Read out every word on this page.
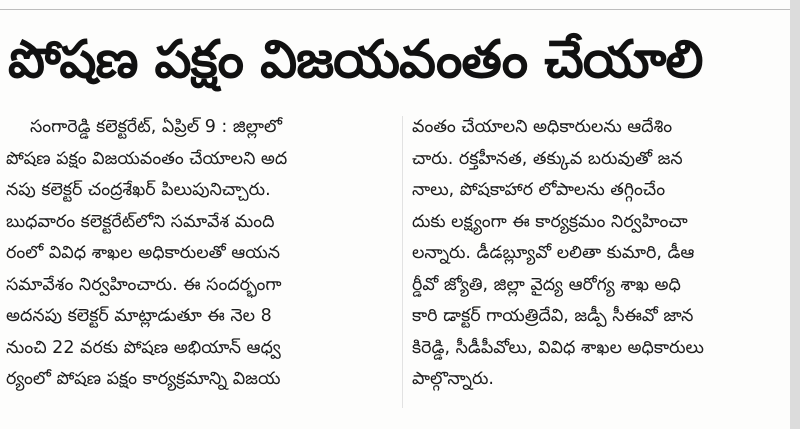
పోషణ పక్షం విజయవంతం చేయాలి
సంగారెడ్డి కలెక్టరేట్, ఏప్రిల్ 9 : జిల్లాలో
పోషణ పక్షం విజయవంతం చేయాలని అద
నపు కలెక్టర్ చంద్రశేఖర్ పిలుపునిచ్చారు.
బుధవారం కలెక్టరేట్‌లోని సమావేశ మంది
రంలో వివిధ శాఖల అధికారులతో ఆయన
సమావేశం నిర్వహించారు. ఈ సందర్భంగా
అదనపు కలెక్టర్ మాట్లాడుతూ ఈ నెల 8
నుంచి 22 వరకు పోషణ అభియాన్ ఆధ్వ
ర్యంలో పోషణ పక్షం కార్యక్రమాన్ని విజయ
వంతం చేయాలని అధికారులను ఆదేశిం
చారు. రక్తహీనత, తక్కువ బరువుతో జన
నాలు, పోషకాహార లోపాలను తగ్గించేం
దుకు లక్ష్యంగా ఈ కార్యక్రమం నిర్వహించా
లన్నారు. డీడబ్ల్యూవో లలితా కుమారి, డీఆ
ర్డీవో జ్యోతి, జిల్లా వైద్య ఆరోగ్య శాఖ అధి
కారి డాక్టర్ గాయత్రిదేవి, జడ్పీ సీఈవో జాన
కిరెడ్డి, సీడీపీవోలు, వివిధ శాఖల అధికారులు
పాల్గొన్నారు.
